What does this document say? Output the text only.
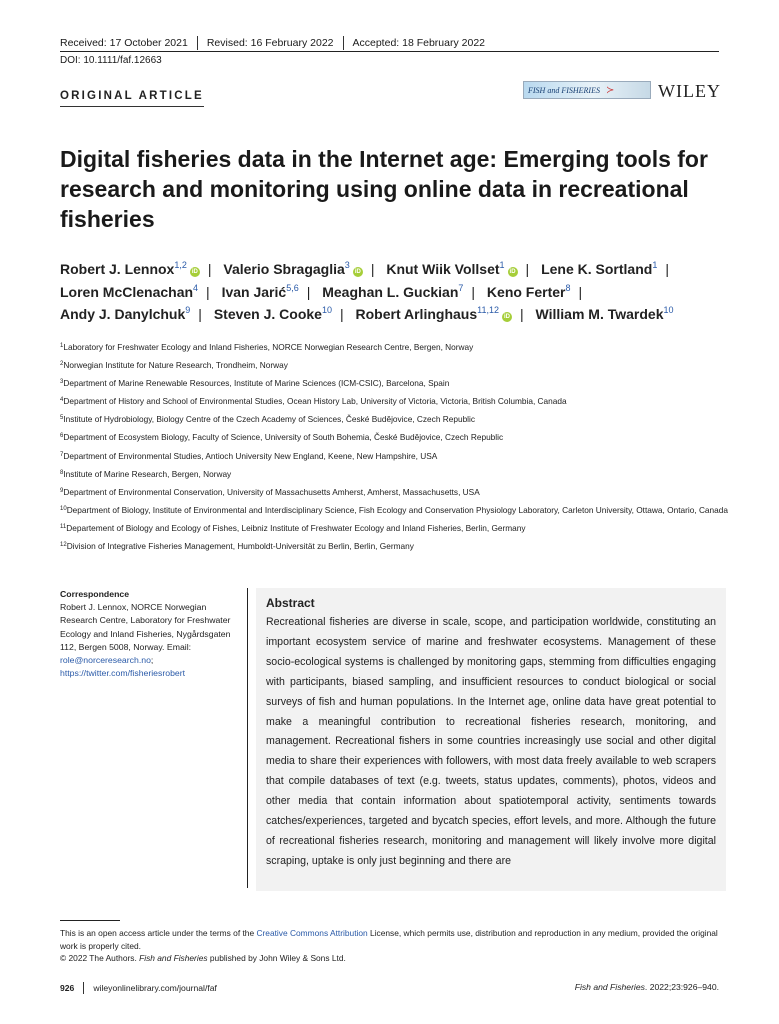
Received: 17 October 2021 Revised: 16 February 2022 Accepted: 18 February 2022
DOI: 10.1111/faf.12663
ORIGINAL ARTICLE	FISH and FISHERIES ≻ WILEY
Digital fisheries data in the Internet age: Emerging tools for research and monitoring using online data in recreational fisheries
Robert J. Lennox$^{1,2}$iD | Valerio Sbragaglia$^3$iD | Knut Wiik Vollset$^1$iD | Lene K. Sortland$^1$ | Loren McClenachan$^4$ | Ivan Jarić$^{5,6}$ | Meaghan L. Guckian$^7$ | Keno Ferter$^8$ | Andy J. Danylchuk$^9$ | Steven J. Cooke$^{10}$ | Robert Arlinghaus$^{11,12}$iD | William M. Twardek$^{10}$
$^1$Laboratory for Freshwater Ecology and Inland Fisheries, NORCE Norwegian Research Centre, Bergen, Norway
$^2$Norwegian Institute for Nature Research, Trondheim, Norway
$^3$Department of Marine Renewable Resources, Institute of Marine Sciences (ICM-CSIC), Barcelona, Spain
$^4$Department of History and School of Environmental Studies, Ocean History Lab, University of Victoria, Victoria, British Columbia, Canada
$^5$Institute of Hydrobiology, Biology Centre of the Czech Academy of Sciences, České Budějovice, Czech Republic
$^6$Department of Ecosystem Biology, Faculty of Science, University of South Bohemia, České Budějovice, Czech Republic
$^7$Department of Environmental Studies, Antioch University New England, Keene, New Hampshire, USA
$^8$Institute of Marine Research, Bergen, Norway
$^9$Department of Environmental Conservation, University of Massachusetts Amherst, Amherst, Massachusetts, USA
$^{10}$Department of Biology, Institute of Environmental and Interdisciplinary Science, Fish Ecology and Conservation Physiology Laboratory, Carleton University, Ottawa, Ontario, Canada
$^{11}$Departement of Biology and Ecology of Fishes, Leibniz Institute of Freshwater Ecology and Inland Fisheries, Berlin, Germany
$^{12}$Division of Integrative Fisheries Management, Humboldt-Universität zu Berlin, Berlin, Germany
Correspondence
Robert J. Lennox, NORCE Norwegian Research Centre, Laboratory for Freshwater Ecology and Inland Fisheries, Nygårdsgaten 112, Bergen 5008, Norway. Email: role@norceresearch.no; https://twitter.com/fisheriesrobert
Abstract

Recreational fisheries are diverse in scale, scope, and participation worldwide, constituting an important ecosystem service of marine and freshwater ecosystems. Management of these socio-ecological systems is challenged by monitoring gaps, stemming from difficulties engaging with participants, biased sampling, and insufficient resources to conduct biological or social surveys of fish and human populations. In the Internet age, online data have great potential to make a meaningful contribution to recreational fisheries research, monitoring, and management. Recreational fishers in some countries increasingly use social and other digital media to share their experiences with followers, with most data freely available to web scrapers that compile databases of text (e.g. tweets, status updates, comments), photos, videos and other media that contain information about spatiotemporal activity, sentiments towards catches/experiences, targeted and bycatch species, effort levels, and more. Although the future of recreational fisheries research, monitoring and management will likely involve more digital scraping, uptake is only just beginning and there are

This is an open access article under the terms of the Creative Commons Attribution License, which permits use, distribution and reproduction in any medium, provided the original work is properly cited.
© 2022 The Authors. Fish and Fisheries published by John Wiley & Sons Ltd.
926 wileyonlinelibrary.com/journal/faf	Fish and Fisheries. 2022;23:926–940.
